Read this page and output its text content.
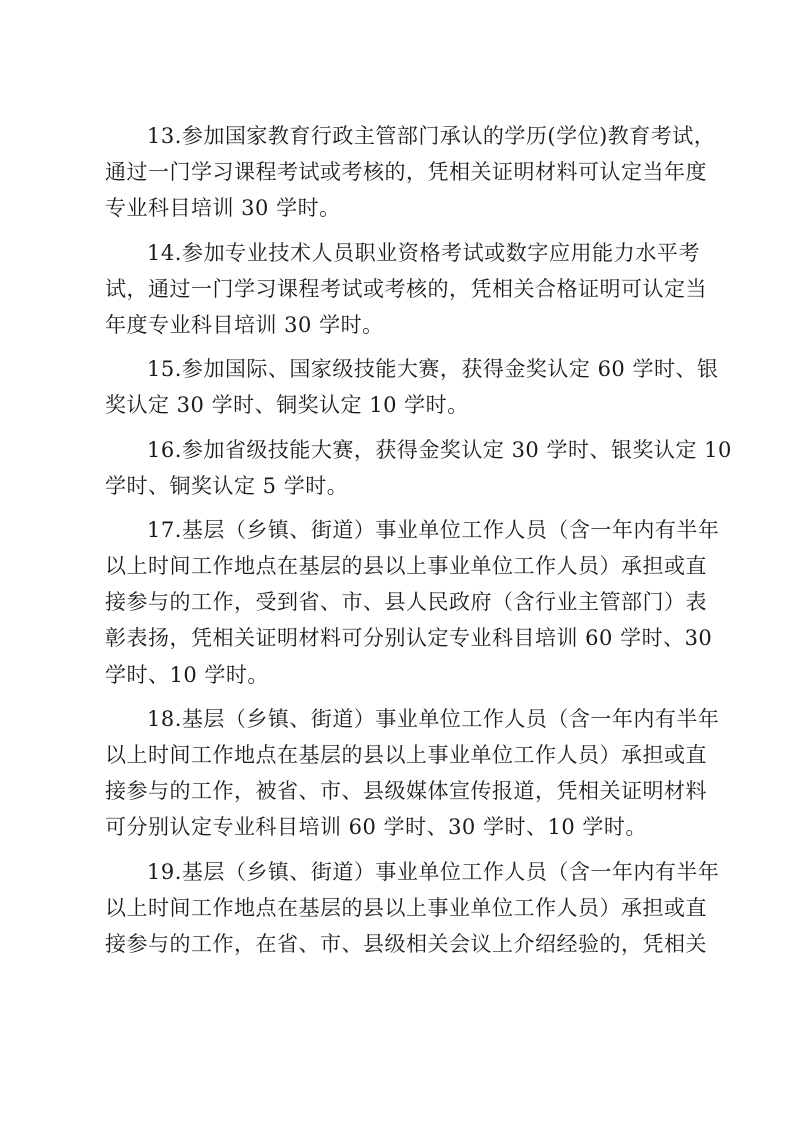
13.参加国家教育行政主管部门承认的学历(学位)教育考试，
通过一门学习课程考试或考核的，凭相关证明材料可认定当年度
专业科目培训 30 学时。
14.参加专业技术人员职业资格考试或数字应用能力水平考
试，通过一门学习课程考试或考核的，凭相关合格证明可认定当
年度专业科目培训 30 学时。
15.参加国际、国家级技能大赛，获得金奖认定 60 学时、银
奖认定 30 学时、铜奖认定 10 学时。
16.参加省级技能大赛，获得金奖认定 30 学时、银奖认定 10
学时、铜奖认定 5 学时。
17.基层（乡镇、街道）事业单位工作人员（含一年内有半年
以上时间工作地点在基层的县以上事业单位工作人员）承担或直
接参与的工作，受到省、市、县人民政府（含行业主管部门）表
彰表扬，凭相关证明材料可分别认定专业科目培训 60 学时、30
学时、10 学时。
18.基层（乡镇、街道）事业单位工作人员（含一年内有半年
以上时间工作地点在基层的县以上事业单位工作人员）承担或直
接参与的工作，被省、市、县级媒体宣传报道，凭相关证明材料
可分别认定专业科目培训 60 学时、30 学时、10 学时。
19.基层（乡镇、街道）事业单位工作人员（含一年内有半年
以上时间工作地点在基层的县以上事业单位工作人员）承担或直
接参与的工作，在省、市、县级相关会议上介绍经验的，凭相关
